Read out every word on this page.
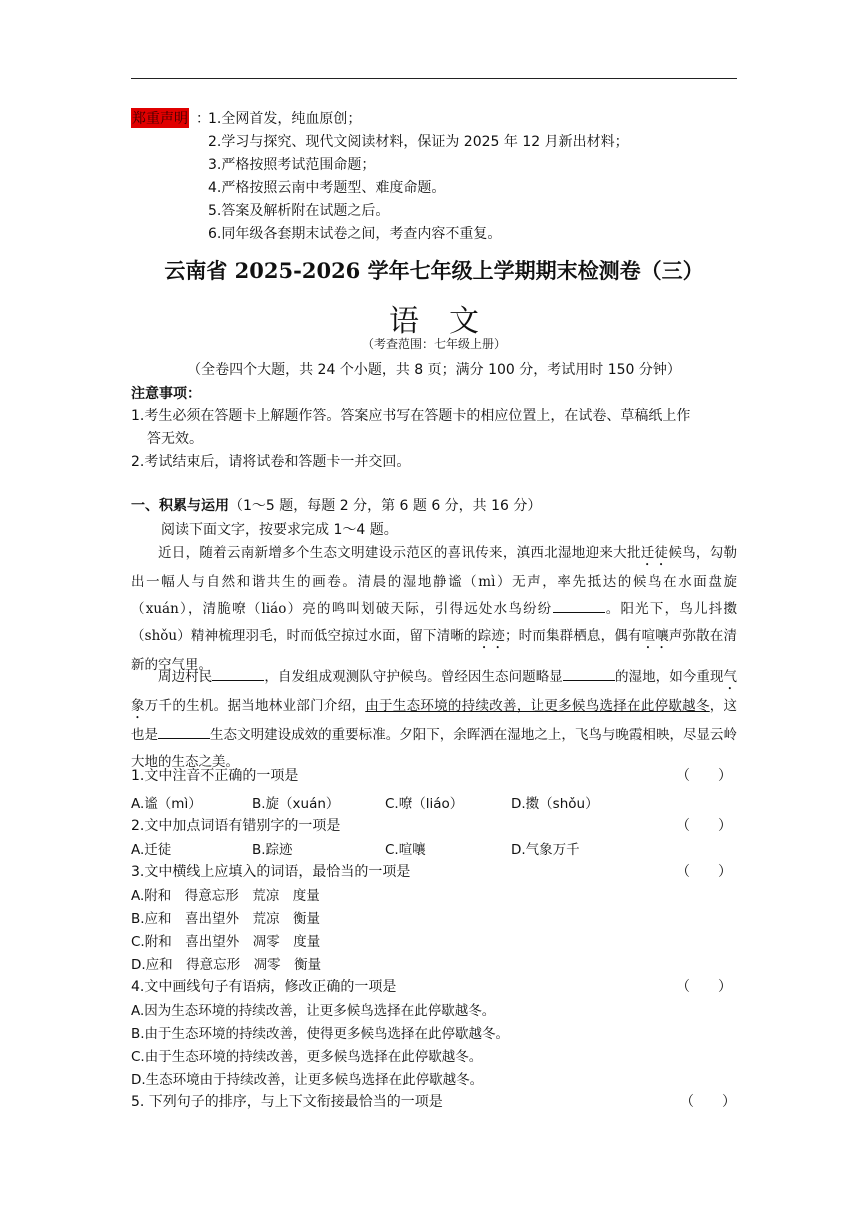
郑重声明 ：
1.全网首发，纯血原创；
2.学习与探究、现代文阅读材料，保证为 2025 年 12 月新出材料；
3.严格按照考试范围命题；
4.严格按照云南中考题型、难度命题。
5.答案及解析附在试题之后。
6.同年级各套期末试卷之间，考查内容不重复。
云南省 2025-2026 学年七年级上学期期末检测卷（三）
语文
（考查范围：七年级上册）
（全卷四个大题，共 24 个小题，共 8 页；满分 100 分，考试用时 150 分钟）
注意事项：
1.考生必须在答题卡上解题作答。答案应书写在答题卡的相应位置上，在试卷、草稿纸上作
答无效。
2.考试结束后，请将试卷和答题卡一并交回。
一、积累与运用（1～5 题，每题 2 分，第 6 题 6 分，共 16 分）
阅读下面文字，按要求完成 1～4 题。
近日，随着云南新增多个生态文明建设示范区的喜讯传来，滇西北湿地迎来大批迁徒候鸟，勾勒出一幅人与自然和谐共生的画卷。清晨的湿地静谧（mì）无声，率先抵达的候鸟在水面盘旋（xuán），清脆嘹（liáo）亮的鸣叫划破天际，引得远处水鸟纷纷	。阳光下，鸟儿抖擞（shǒu）精神梳理羽毛，时而低空掠过水面，留下清晰的踪迹；时而集群栖息，偶有喧嚷声弥散在清新的空气里。
周边村民	，自发组成观测队守护候鸟。曾经因生态问题略显	的湿地，如今重现气象万千的生机。据当地林业部门介绍，由于生态环境的持续改善，让更多候鸟选择在此停歇越冬，这也是	生态文明建设成效的重要标准。夕阳下，余晖洒在湿地之上，飞鸟与晚霞相映，尽显云岭大地的生态之美。
1.文中注音不正确的一项是	（　　）
A.谧（mì）	B.旋（xuán）	C.嘹（liáo）	D.擞（shǒu）
2.文中加点词语有错别字的一项是	（　　）
A.迁徒	B.踪迹	C.喧嚷	D.气象万千
3.文中横线上应填入的词语，最恰当的一项是	（　　）
A.附和　得意忘形　荒凉　度量
B.应和　喜出望外　荒凉　衡量
C.附和　喜出望外　凋零　度量
D.应和　得意忘形　凋零　衡量
4.文中画线句子有语病，修改正确的一项是	（　　）
A.因为生态环境的持续改善，让更多候鸟选择在此停歇越冬。
B.由于生态环境的持续改善，使得更多候鸟选择在此停歇越冬。
C.由于生态环境的持续改善，更多候鸟选择在此停歇越冬。
D.生态环境由于持续改善，让更多候鸟选择在此停歇越冬。
5. 下列句子的排序，与上下文衔接最恰当的一项是	（　　）
